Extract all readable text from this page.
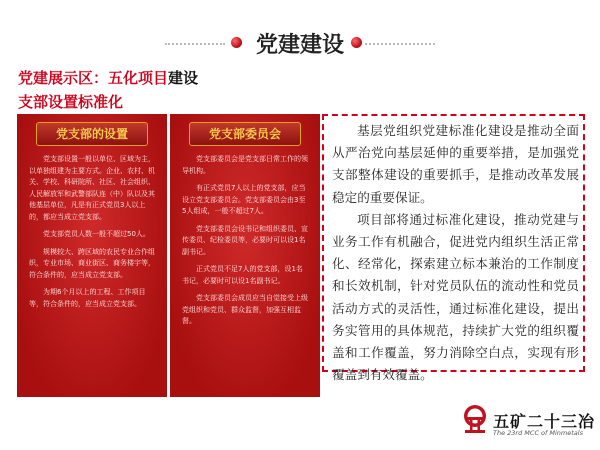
党建建设
党建展示区：五化项目建设
支部设置标准化
党支部的设置

党支部设置一般以单位、区域为主，以单独组建为主要方式。企业、农村、机关、学校、科研院所、社区、社会组织、人民解放军和武警部队连（中）队以及其他基层单位，凡是有正式党员3人以上的，都应当成立党支部。

党支部党员人数一般不超过50人。

规模较大、跨区域的农民专业合作组织，专业市场、商业街区、商务楼宇等，符合条件的，应当成立党支部。

为期6个月以上的工程、工作项目等，符合条件的，应当成立党支部。

党支部委员会

党支部委员会是党支部日常工作的领导机构。

有正式党员7人以上的党支部，应当设立党支部委员会。党支部委员会由3至5人组成，一般不超过7人。

党支部委员会设书记和组织委员、宣传委员、纪检委员等，必要时可以设1名副书记。

正式党员不足7人的党支部，设1名书记，必要时可以设1名副书记。

党支部委员会成员应当自觉接受上级党组织和党员、群众监督，加强互相监督。

基层党组织党建标准化建设是推动全面从严治党向基层延伸的重要举措，是加强党支部整体建设的重要抓手，是推动改革发展稳定的重要保证。

项目部将通过标准化建设，推动党建与业务工作有机融合，促进党内组织生活正常化、经常化，探索建立标本兼治的工作制度和长效机制，针对党员队伍的流动性和党员活动方式的灵活性，通过标准化建设，提出务实管用的具体规范，持续扩大党的组织覆盖和工作覆盖，努力消除空白点，实现有形覆盖到有效覆盖。

五矿二十三冶
The 23rd MCC of Minmetals
